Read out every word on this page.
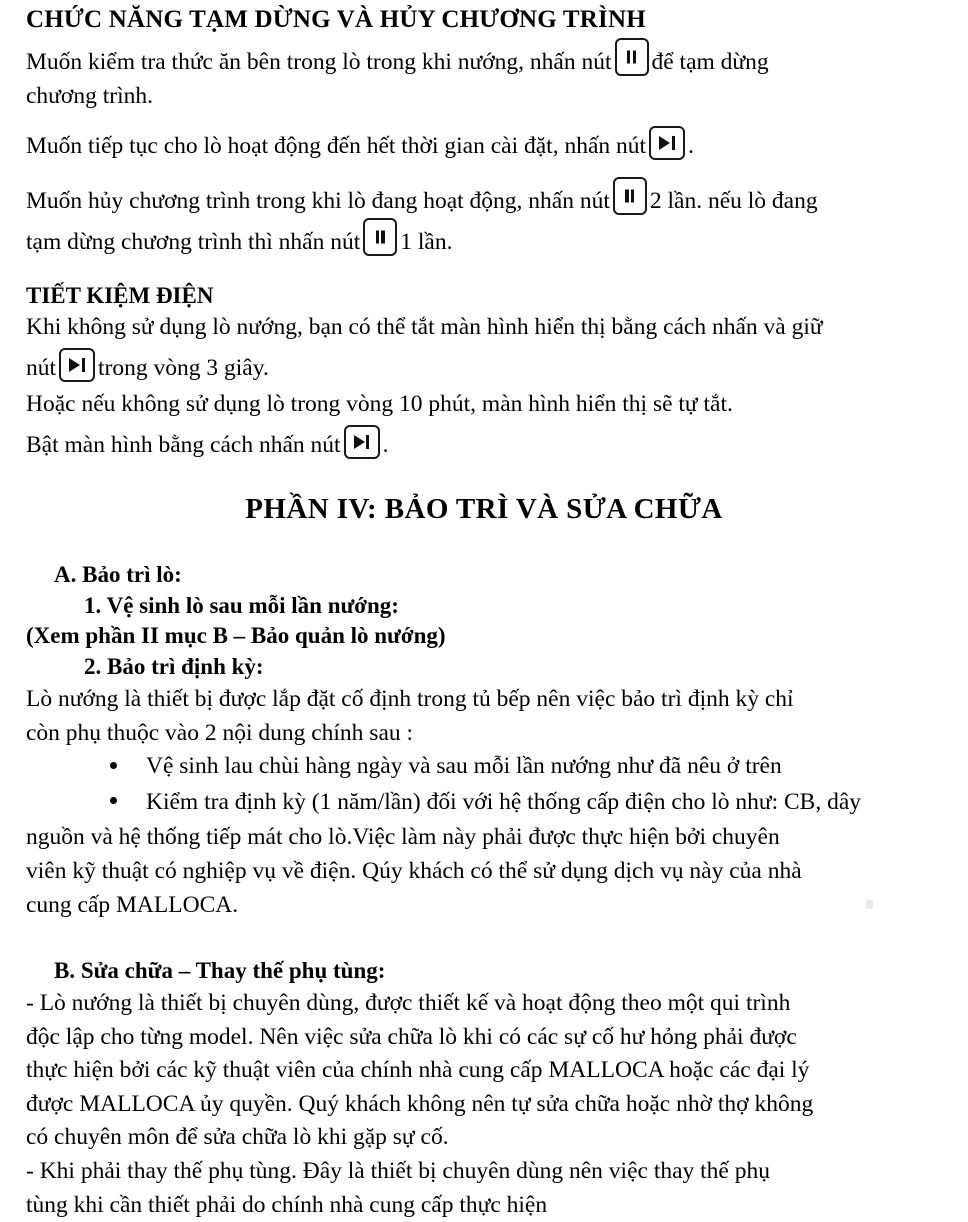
CHỨC NĂNG TẠM DỪNG VÀ HỦY CHƯƠNG TRÌNH

Muốn kiểm tra thức ăn bên trong lò trong khi nướng, nhấn nút để tạm dừng
chương trình.

Muốn tiếp tục cho lò hoạt động đến hết thời gian cài đặt, nhấn nút .

Muốn hủy chương trình trong khi lò đang hoạt động, nhấn nút 2 lần. nếu lò đang
tạm dừng chương trình thì nhấn nút 1 lần.

TIẾT KIỆM ĐIỆN

Khi không sử dụng lò nướng, bạn có thể tắt màn hình hiển thị bằng cách nhấn và giữ

nút trong vòng 3 giây.

Hoặc nếu không sử dụng lò trong vòng 10 phút, màn hình hiển thị sẽ tự tắt.

Bật màn hình bằng cách nhấn nút .

PHẦN IV: BẢO TRÌ VÀ SỬA CHỮA

A. Bảo trì lò:

1. Vệ sinh lò sau mỗi lần nướng:

(Xem phần II mục B – Bảo quản lò nướng)

2. Bảo trì định kỳ:

Lò nướng là thiết bị được lắp đặt cố định trong tủ bếp nên việc bảo trì định kỳ chỉ

còn phụ thuộc vào 2 nội dung chính sau :

Vệ sinh lau chùi hàng ngày và sau mỗi lần nướng như đã nêu ở trên
Kiểm tra định kỳ (1 năm/lần) đối với hệ thống cấp điện cho lò như: CB, dây

nguồn và hệ thống tiếp mát cho lò.Việc làm này phải được thực hiện bởi chuyên

viên kỹ thuật có nghiệp vụ về điện. Qúy khách có thể sử dụng dịch vụ này của nhà

cung cấp MALLOCA.

B. Sửa chữa – Thay thế phụ tùng:

- Lò nướng là thiết bị chuyên dùng, được thiết kế và hoạt động theo một qui trình

độc lập cho từng model. Nên việc sửa chữa lò khi có các sự cố hư hỏng phải được

thực hiện bởi các kỹ thuật viên của chính nhà cung cấp MALLOCA hoặc các đại lý

được MALLOCA ủy quyền. Quý khách không nên tự sửa chữa hoặc nhờ thợ không

có chuyên môn để sửa chữa lò khi gặp sự cố.

- Khi phải thay thế phụ tùng. Đây là thiết bị chuyên dùng nên việc thay thế phụ

tùng khi cần thiết phải do chính nhà cung cấp thực hiện
